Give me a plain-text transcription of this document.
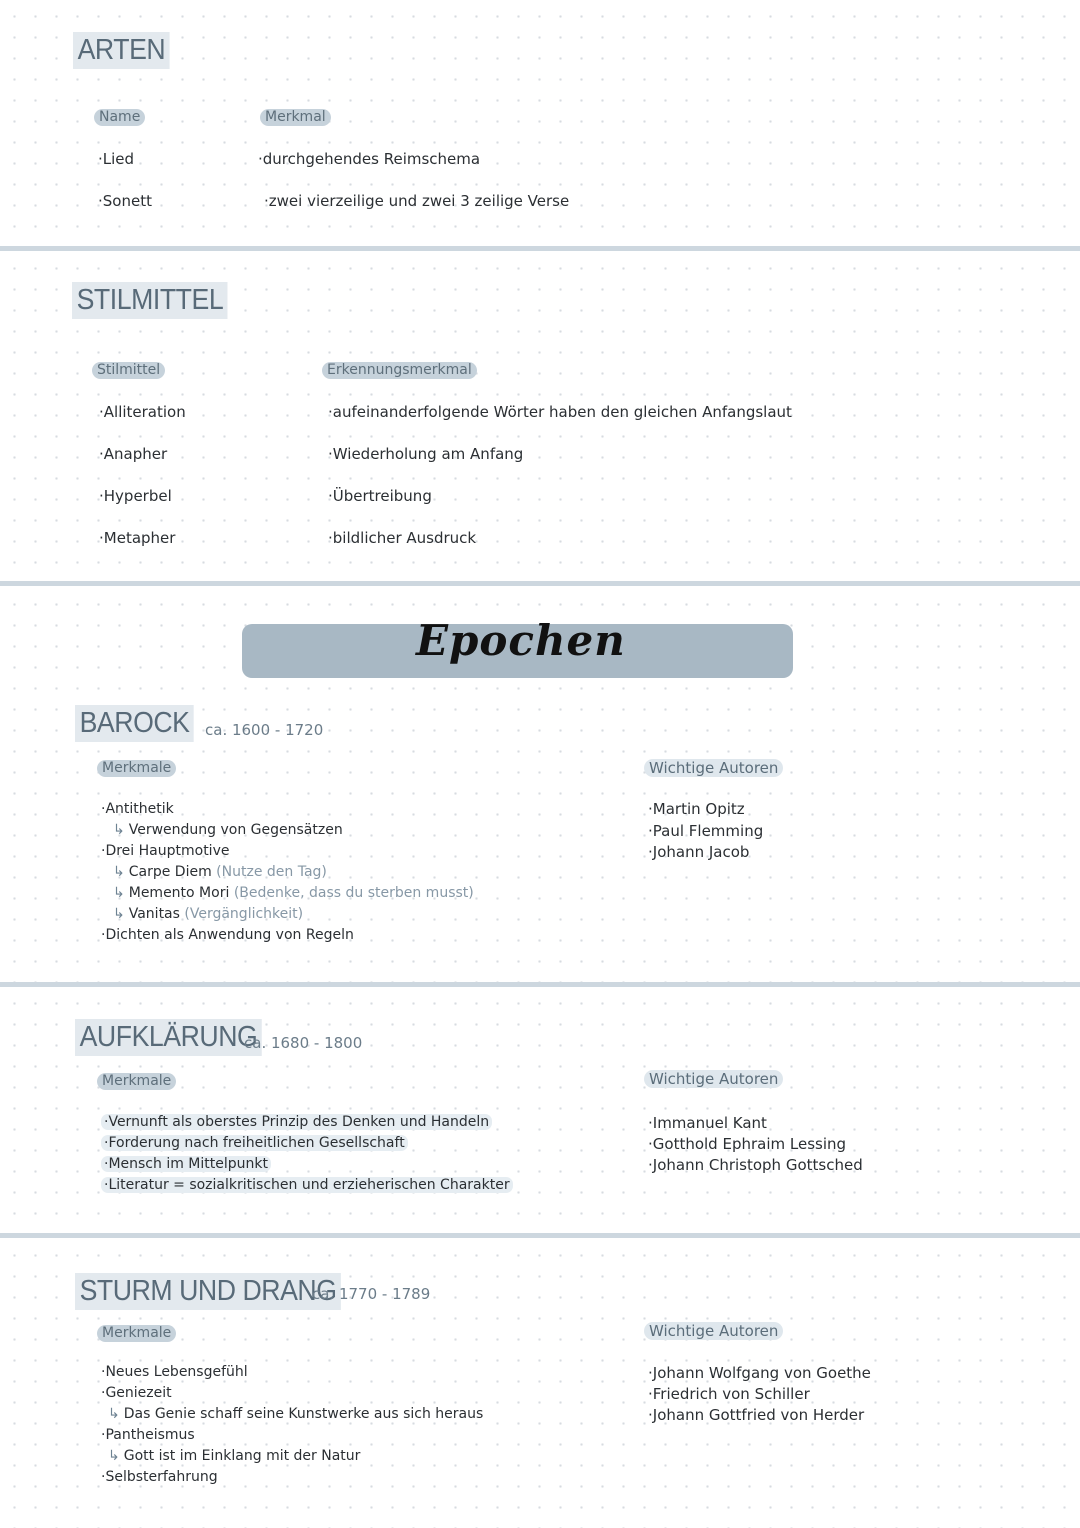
ARTEN
Name	Merkmal
·Lied	·durchgehendes Reimschema
·Sonett	·zwei vierzeilige und zwei 3 zeilige Verse
STILMITTEL
Stilmittel	Erkennungsmerkmal
·Alliteration	·aufeinanderfolgende Wörter haben den gleichen Anfangslaut
·Anapher	·Wiederholung am Anfang
·Hyperbel	·Übertreibung
·Metapher	·bildlicher Ausdruck
Epochen
BAROCK	ca. 1600 - 1720
Merkmale	Wichtige Autoren
·Antithetik
↳ Verwendung von Gegensätzen
·Drei Hauptmotive
↳ Carpe Diem (Nutze den Tag)
↳ Memento Mori (Bedenke, dass du sterben musst)
↳ Vanitas (Vergänglichkeit)
·Dichten als Anwendung von Regeln
·Martin Opitz
·Paul Flemming
·Johann Jacob
AUFKLÄRUNG
ca. 1680 - 1800
Merkmale	Wichtige Autoren
·Vernunft als oberstes Prinzip des Denken und Handeln
·Forderung nach freiheitlichen Gesellschaft
·Mensch im Mittelpunkt
·Literatur = sozialkritischen und erzieherischen Charakter
·Immanuel Kant
·Gotthold Ephraim Lessing
·Johann Christoph Gottsched
STURM UND DRANG
ca. 1770 - 1789
Merkmale	Wichtige Autoren
·Neues Lebensgefühl
·Geniezeit
↳ Das Genie schaff seine Kunstwerke aus sich heraus
·Pantheismus
↳ Gott ist im Einklang mit der Natur
·Selbsterfahrung
·Johann Wolfgang von Goethe
·Friedrich von Schiller
·Johann Gottfried von Herder
